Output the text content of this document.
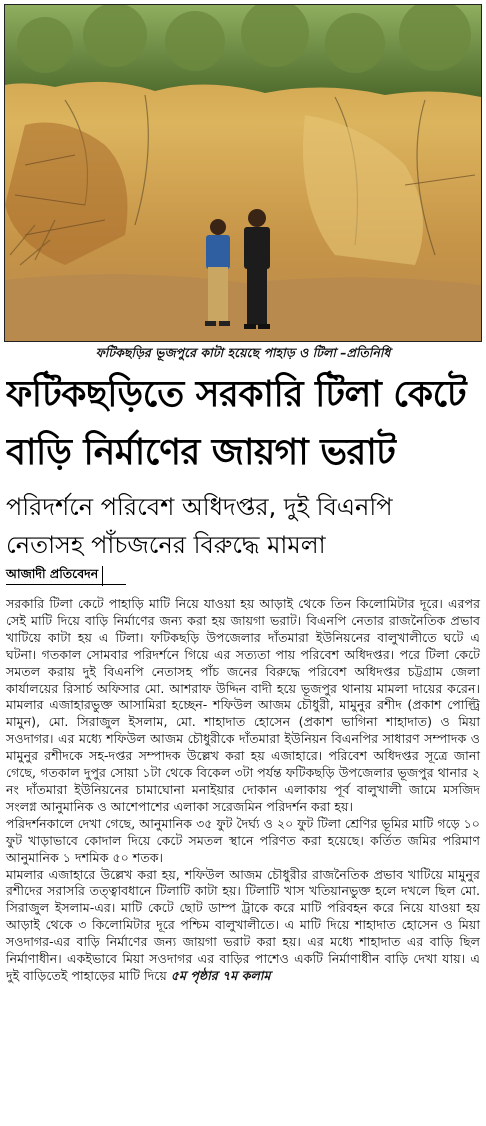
ফটিকছড়ির ভূজপুরে কাটা হয়েছে পাহাড় ও টিলা –প্রতিনিধি
ফটিকছড়িতে সরকারি টিলা কেটে
বাড়ি নির্মাণের জায়গা ভরাট
পরিদর্শনে পরিবেশ অধিদপ্তর, দুই বিএনপি
নেতাসহ পাঁচজনের বিরুদ্ধে মামলা
আজাদী প্রতিবেদন

সরকারি টিলা কেটে পাহাড়ি মাটি নিয়ে যাওয়া হয় আড়াই থেকে তিন কিলোমিটার দূরে। এরপর সেই মাটি দিয়ে বাড়ি নির্মাণের জন্য করা হয় জায়গা ভরাট। বিএনপি নেতার রাজনৈতিক প্রভাব খাটিয়ে কাটা হয় এ টিলা। ফটিকছড়ি উপজেলার দাঁতমারা ইউনিয়নের বালুখালীতে ঘটে এ ঘটনা। গতকাল সোমবার পরিদর্শনে গিয়ে এর সত্যতা পায় পরিবেশ অধিদপ্তর। পরে টিলা কেটে সমতল করায় দুই বিএনপি নেতাসহ পাঁচ জনের বিরুদ্ধে পরিবেশ অধিদপ্তর চট্টগ্রাম জেলা কার্যালয়ের রিসার্চ অফিসার মো. আশরাফ উদ্দিন বাদী হয়ে ভূজপুর থানায় মামলা দায়ের করেন। মামলার এজাহারভুক্ত আসামিরা হচ্ছেন- শফিউল আজম চৌধুরী, মামুনুর রশীদ (প্রকাশ পোল্ট্রি মামুন), মো. সিরাজুল ইসলাম, মো. শাহাদাত হোসেন (প্রকাশ ভাগিনা শাহাদাত) ও মিয়া সওদাগর। এর মধ্যে শফিউল আজম চৌধুরীকে দাঁতমারা ইউনিয়ন বিএনপির সাধারণ সম্পাদক ও মামুনুর রশীদকে সহ-দপ্তর সম্পাদক উল্লেখ করা হয় এজাহারে। পরিবেশ অধিদপ্তর সূত্রে জানা গেছে, গতকাল দুপুর সোয়া ১টা থেকে বিকেল ৩টা পর্যন্ত ফটিকছড়ি উপজেলার ভূজপুর থানার ২ নং দাঁতমারা ইউনিয়নের চামাঘোনা মনাইয়ার দোকান এলাকায় পূর্ব বালুখালী জামে মসজিদ সংলগ্ন আনুমানিক ও আশেপাশের এলাকা সরেজমিন পরিদর্শন করা হয়।

পরিদর্শনকালে দেখা গেছে, আনুমানিক ৩৫ ফুট দৈর্ঘ্য ও ২০ ফুট টিলা শ্রেণির ভূমির মাটি গড়ে ১০ ফুট খাড়াভাবে কোদাল দিয়ে কেটে সমতল স্থানে পরিণত করা হয়েছে। কর্তিত জমির পরিমাণ আনুমানিক ১ দশমিক ৫০ শতক।

মামলার এজাহারে উল্লেখ করা হয়, শফিউল আজম চৌধুরীর রাজনৈতিক প্রভাব খাটিয়ে মামুনুর রশীদের সরাসরি তত্ত্বাবধানে টিলাটি কাটা হয়। টিলাটি খাস খতিয়ানভুক্ত হলে দখলে ছিল মো. সিরাজুল ইসলাম-এর। মাটি কেটে ছোট ডাম্প ট্রাকে করে মাটি পরিবহন করে নিয়ে যাওয়া হয় আড়াই থেকে ৩ কিলোমিটার দূরে পশ্চিম বালুখালীতে। এ মাটি দিয়ে শাহাদাত হোসেন ও মিয়া সওদাগর-এর বাড়ি নির্মাণের জন্য জায়গা ভরাট করা হয়। এর মধ্যে শাহাদাত এর বাড়ি ছিল নির্মাণাধীন। একইভাবে মিয়া সওদাগর এর বাড়ির পাশেও একটি নির্মাণাধীন বাড়ি দেখা যায়। এ দুই বাড়িতেই পাহাড়ের মাটি দিয়ে ৫ম পৃষ্ঠার ৭ম কলাম
